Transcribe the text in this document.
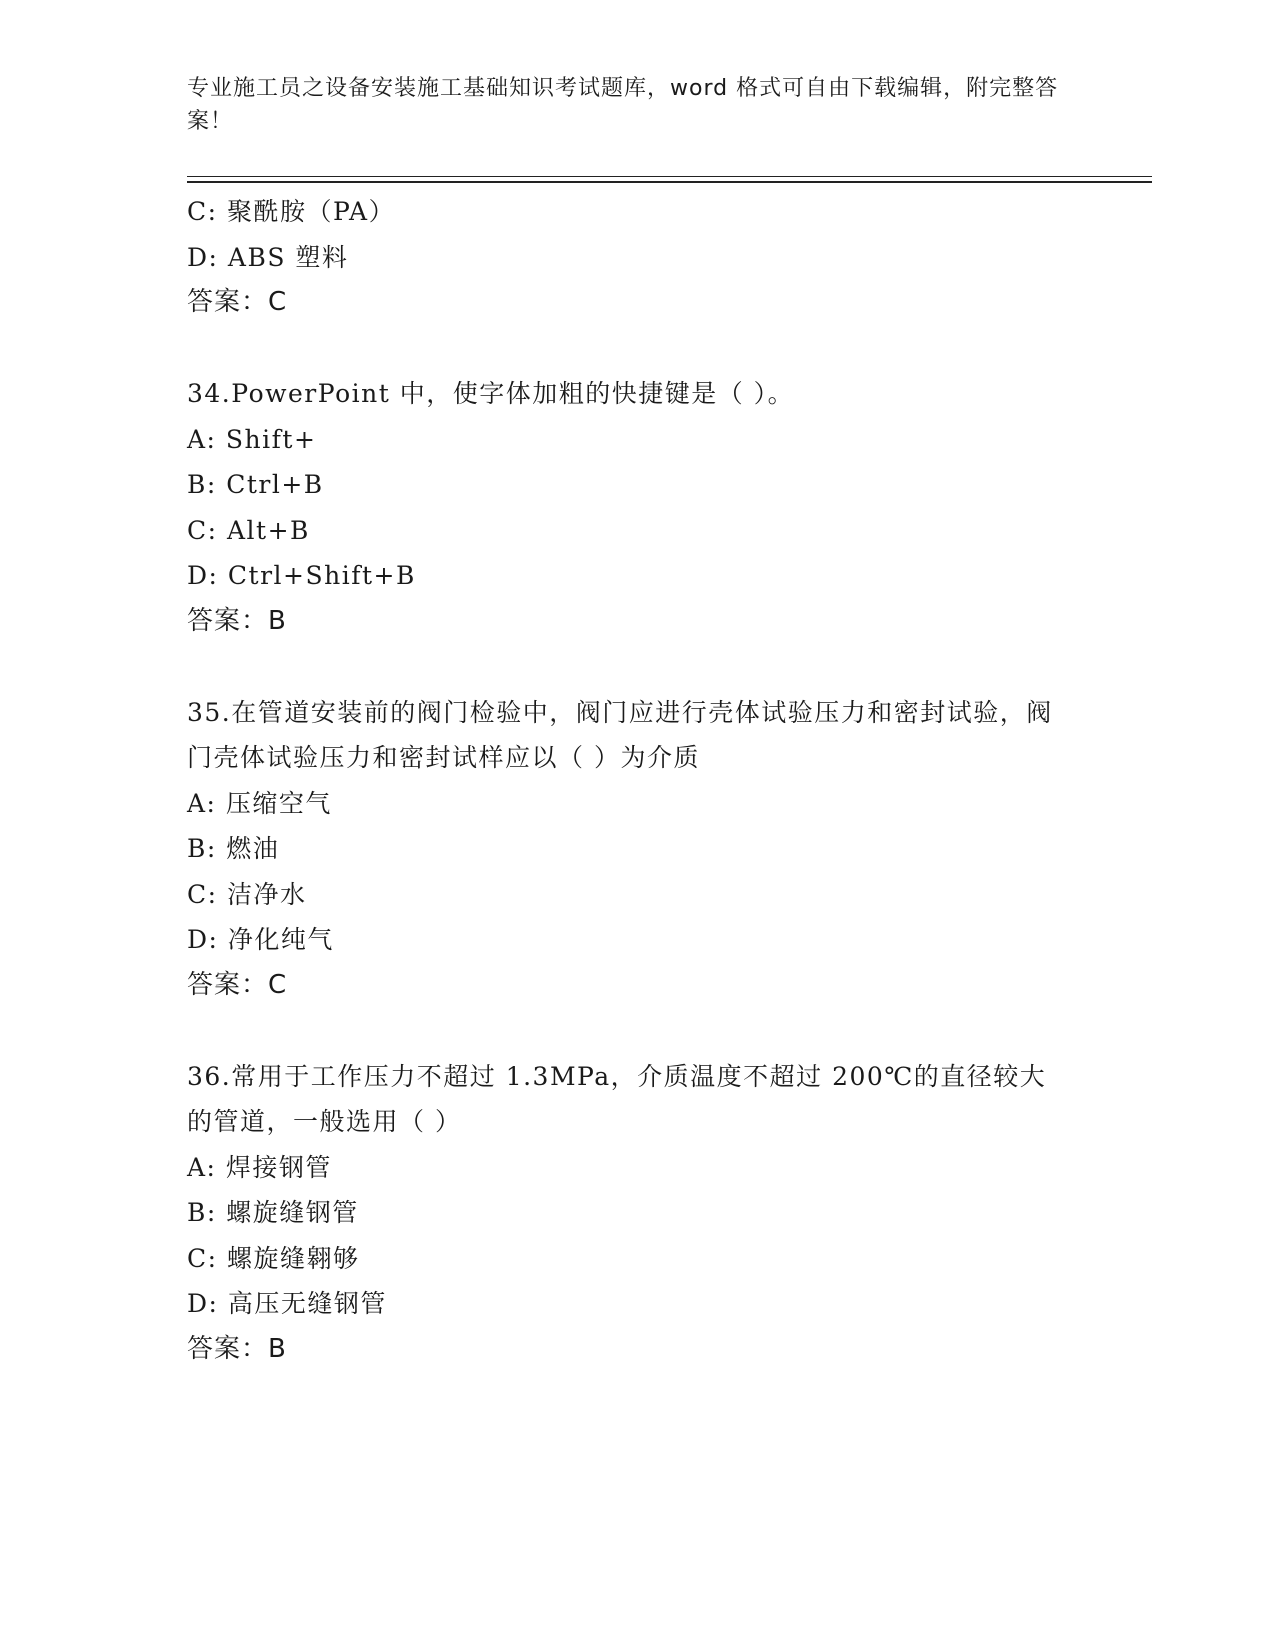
专业施工员之设备安装施工基础知识考试题库，word 格式可自由下载编辑，附完整答案！
C: 聚酰胺（PA）
D: ABS 塑料
答案：C
34.PowerPoint 中，使字体加粗的快捷键是（ ）。
A: Shift+
B: Ctrl+B
C: Alt+B
D: Ctrl+Shift+B
答案：B
35.在管道安装前的阀门检验中，阀门应进行壳体试验压力和密封试验，阀门壳体试验压力和密封试样应以（ ）为介质
A: 压缩空气
B: 燃油
C: 洁净水
D: 净化纯气
答案：C
36.常用于工作压力不超过 1.3MPa，介质温度不超过 200℃的直径较大的管道，一般选用（ ）
A: 焊接钢管
B: 螺旋缝钢管
C: 螺旋缝翱够
D: 高压无缝钢管
答案：B
